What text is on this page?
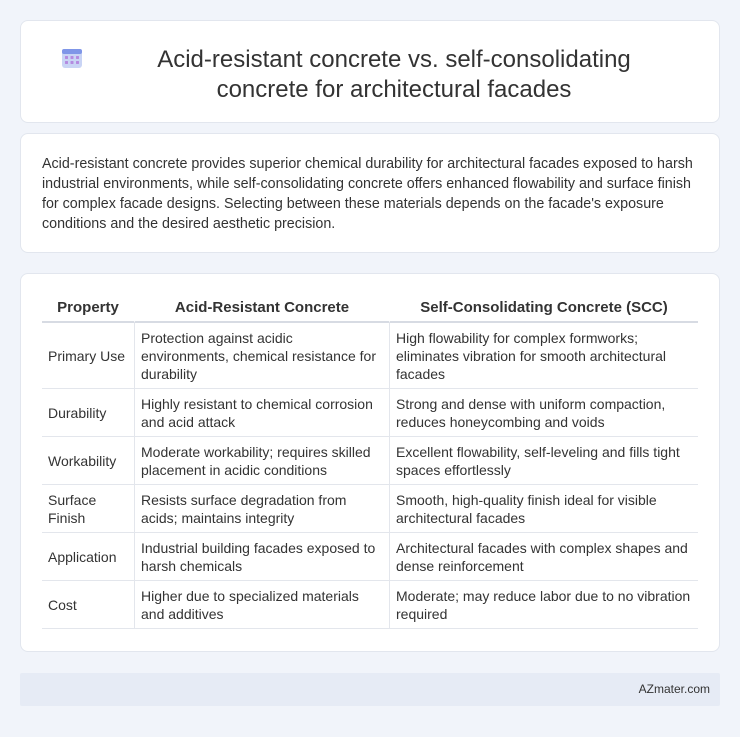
Acid-resistant concrete vs. self-consolidating concrete for architectural facades

Acid-resistant concrete provides superior chemical durability for architectural facades exposed to harsh industrial environments, while self-consolidating concrete offers enhanced flowability and surface finish for complex facade designs. Selecting between these materials depends on the facade's exposure conditions and the desired aesthetic precision.

Property	Acid-Resistant Concrete	Self-Consolidating Concrete (SCC)
Primary Use	Protection against acidic environments, chemical resistance for durability	High flowability for complex formworks; eliminates vibration for smooth architectural facades
Durability	Highly resistant to chemical corrosion and acid attack	Strong and dense with uniform compaction, reduces honeycombing and voids
Workability	Moderate workability; requires skilled placement in acidic conditions	Excellent flowability, self-leveling and fills tight spaces effortlessly
Surface Finish	Resists surface degradation from acids; maintains integrity	Smooth, high-quality finish ideal for visible architectural facades
Application	Industrial building facades exposed to harsh chemicals	Architectural facades with complex shapes and dense reinforcement
Cost	Higher due to specialized materials and additives	Moderate; may reduce labor due to no vibration required
AZmater.com
